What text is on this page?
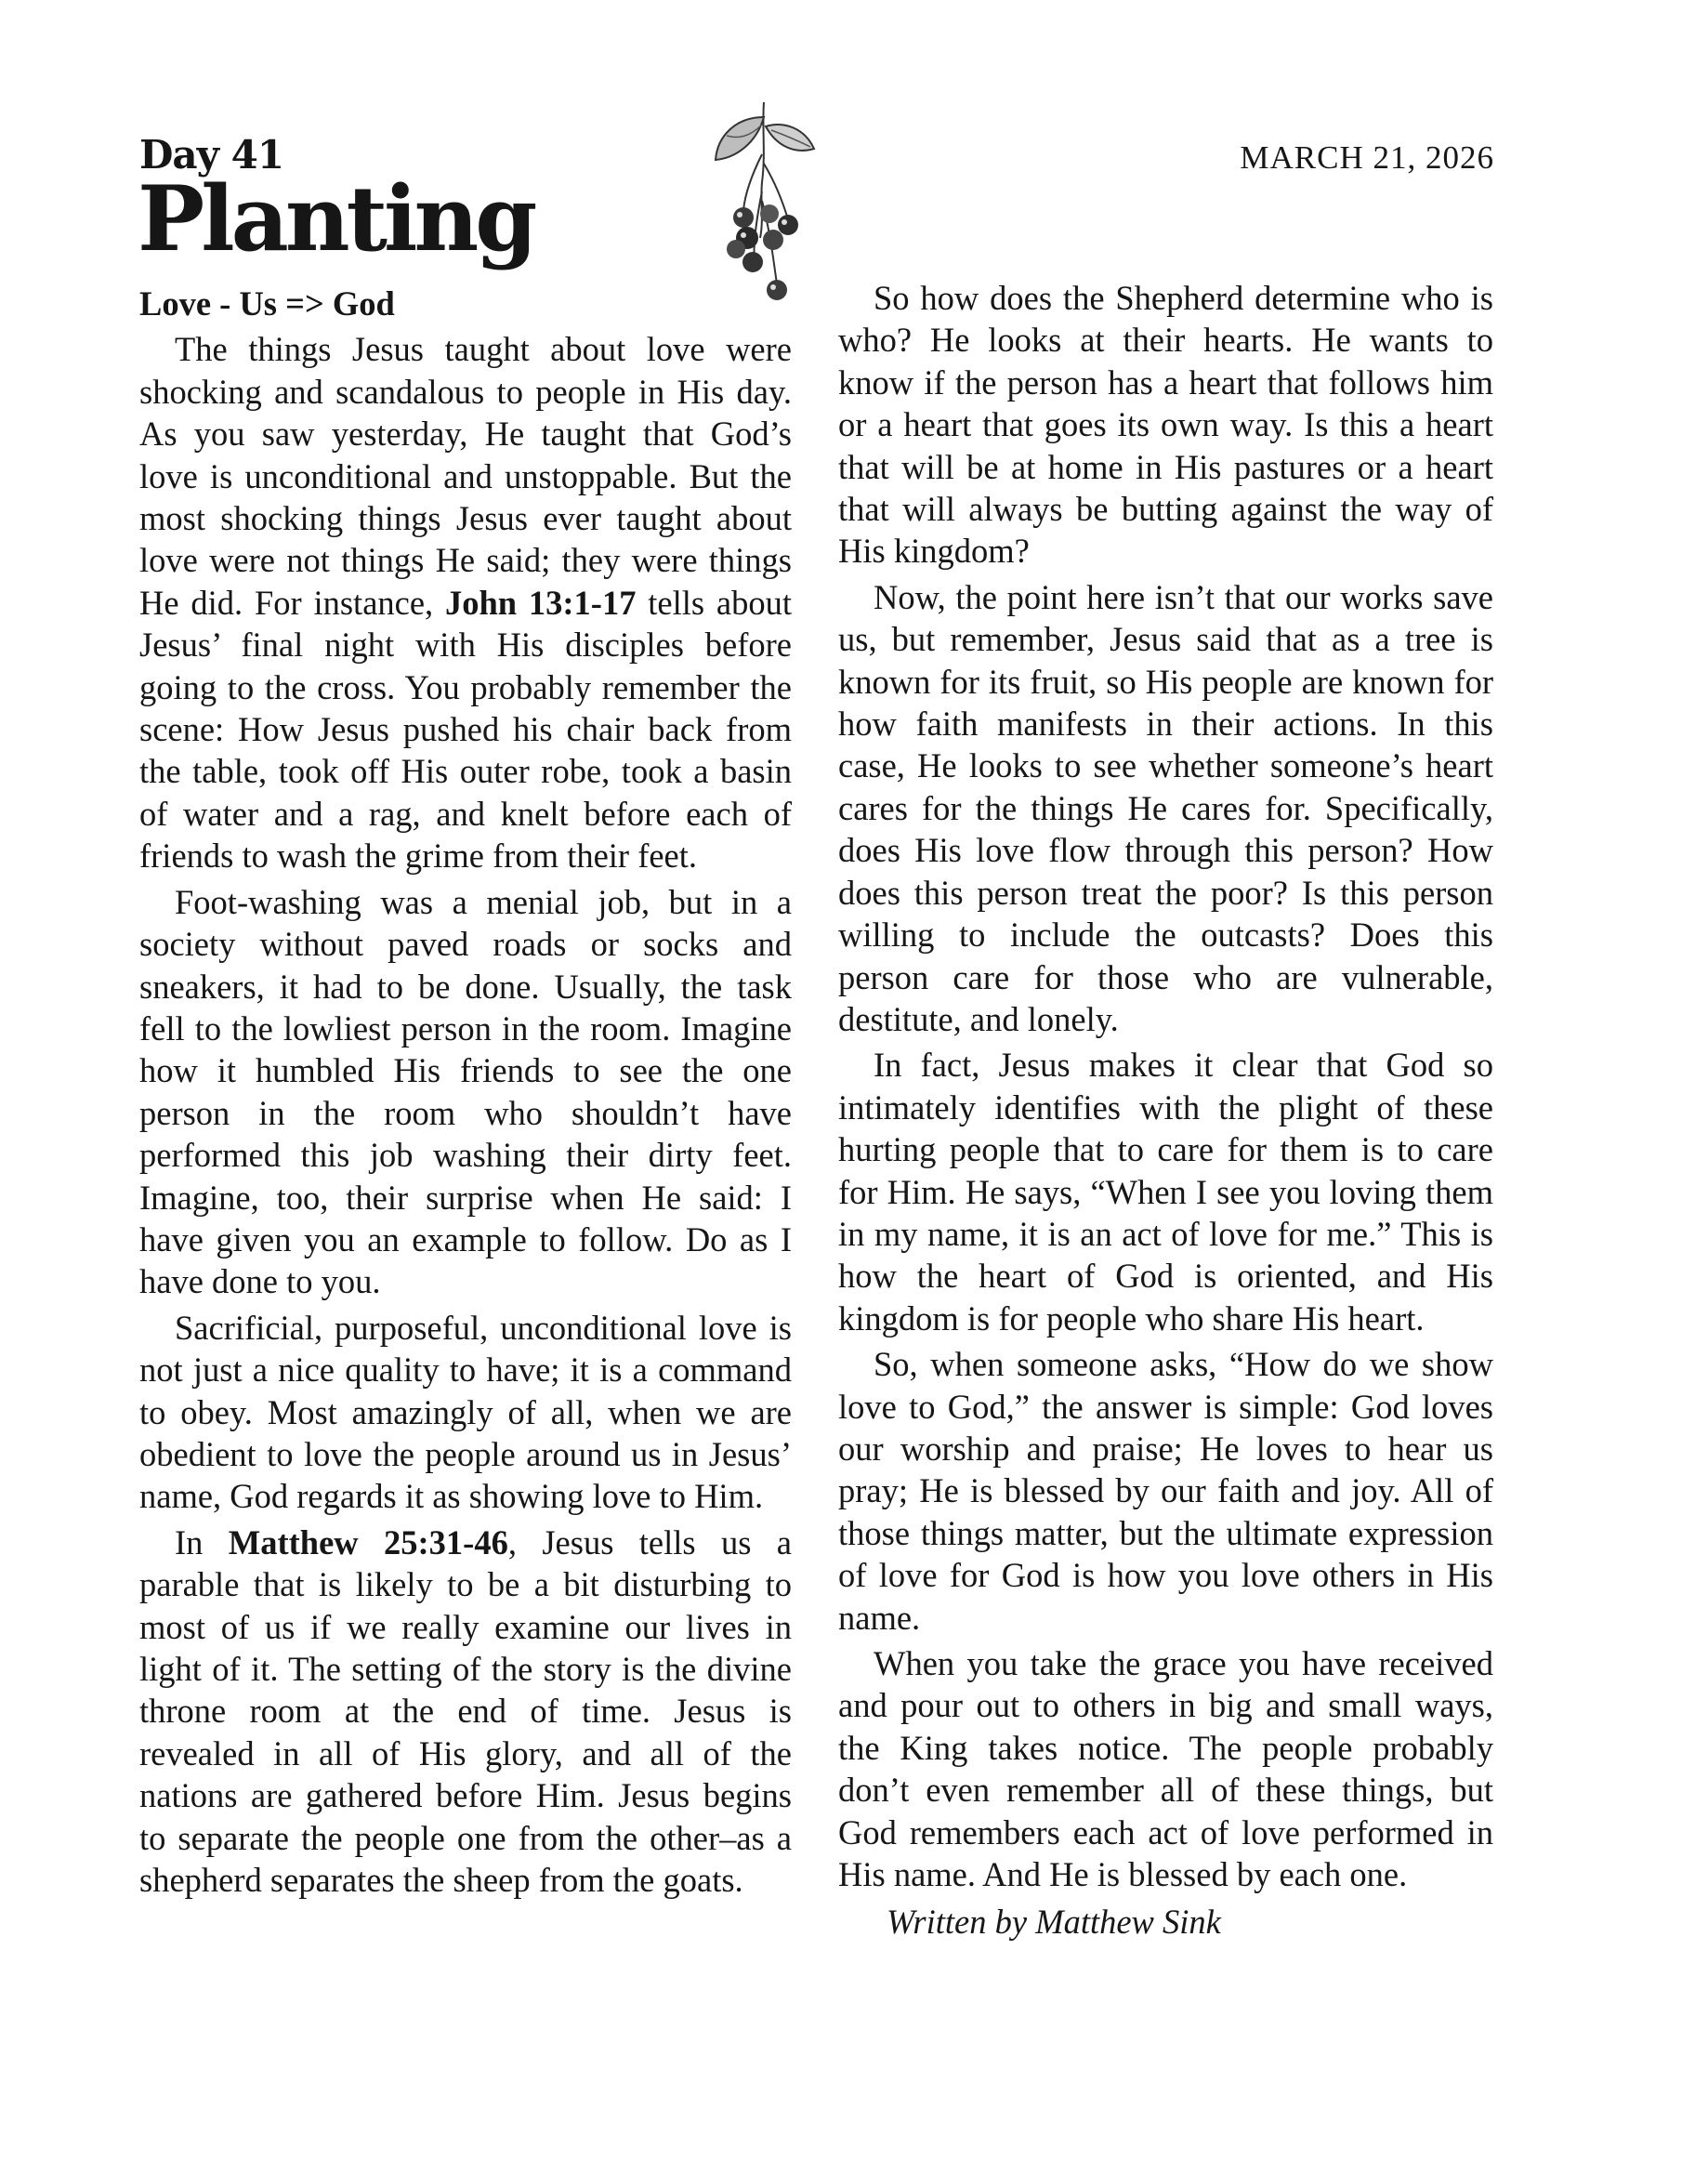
Day 41
Planting
MARCH 21, 2026

Love - Us => God

The things Jesus taught about love were shocking and scandalous to people in His day. As you saw yesterday, He taught that God’s love is unconditional and unstoppable. But the most shocking things Jesus ever taught about love were not things He said; they were things He did. For instance, John 13:1-17 tells about Jesus’ final night with His disciples before going to the cross. You probably remember the scene: How Jesus pushed his chair back from the table, took off His outer robe, took a basin of water and a rag, and knelt before each of friends to wash the grime from their feet.

Foot-washing was a menial job, but in a society without paved roads or socks and sneakers, it had to be done. Usually, the task fell to the lowliest person in the room. Imagine how it humbled His friends to see the one person in the room who shouldn’t have performed this job washing their dirty feet. Imagine, too, their surprise when He said: I have given you an example to follow. Do as I have done to you.

Sacrificial, purposeful, unconditional love is not just a nice quality to have; it is a command to obey. Most amazingly of all, when we are obedient to love the people around us in Jesus’ name, God regards it as showing love to Him.

In Matthew 25:31-46, Jesus tells us a parable that is likely to be a bit disturbing to most of us if we really examine our lives in light of it. The setting of the story is the divine throne room at the end of time. Jesus is revealed in all of His glory, and all of the nations are gathered before Him. Jesus begins to separate the people one from the other–as a shepherd separates the sheep from the goats.

So how does the Shepherd determine who is who? He looks at their hearts. He wants to know if the person has a heart that follows him or a heart that goes its own way. Is this a heart that will be at home in His pastures or a heart that will always be butting against the way of His kingdom?

Now, the point here isn’t that our works save us, but remember, Jesus said that as a tree is known for its fruit, so His people are known for how faith manifests in their actions. In this case, He looks to see whether someone’s heart cares for the things He cares for. Specifically, does His love flow through this person? How does this person treat the poor? Is this person willing to include the outcasts? Does this person care for those who are vulnerable, destitute, and lonely.

In fact, Jesus makes it clear that God so intimately identifies with the plight of these hurting people that to care for them is to care for Him. He says, “When I see you loving them in my name, it is an act of love for me.” This is how the heart of God is oriented, and His kingdom is for people who share His heart.

So, when someone asks, “How do we show love to God,” the answer is simple: God loves our worship and praise; He loves to hear us pray; He is blessed by our faith and joy. All of those things matter, but the ultimate expression of love for God is how you love others in His name.

When you take the grace you have received and pour out to others in big and small ways, the King takes notice. The people probably don’t even remember all of these things, but God remembers each act of love performed in His name. And He is blessed by each one.

Written by Matthew Sink
